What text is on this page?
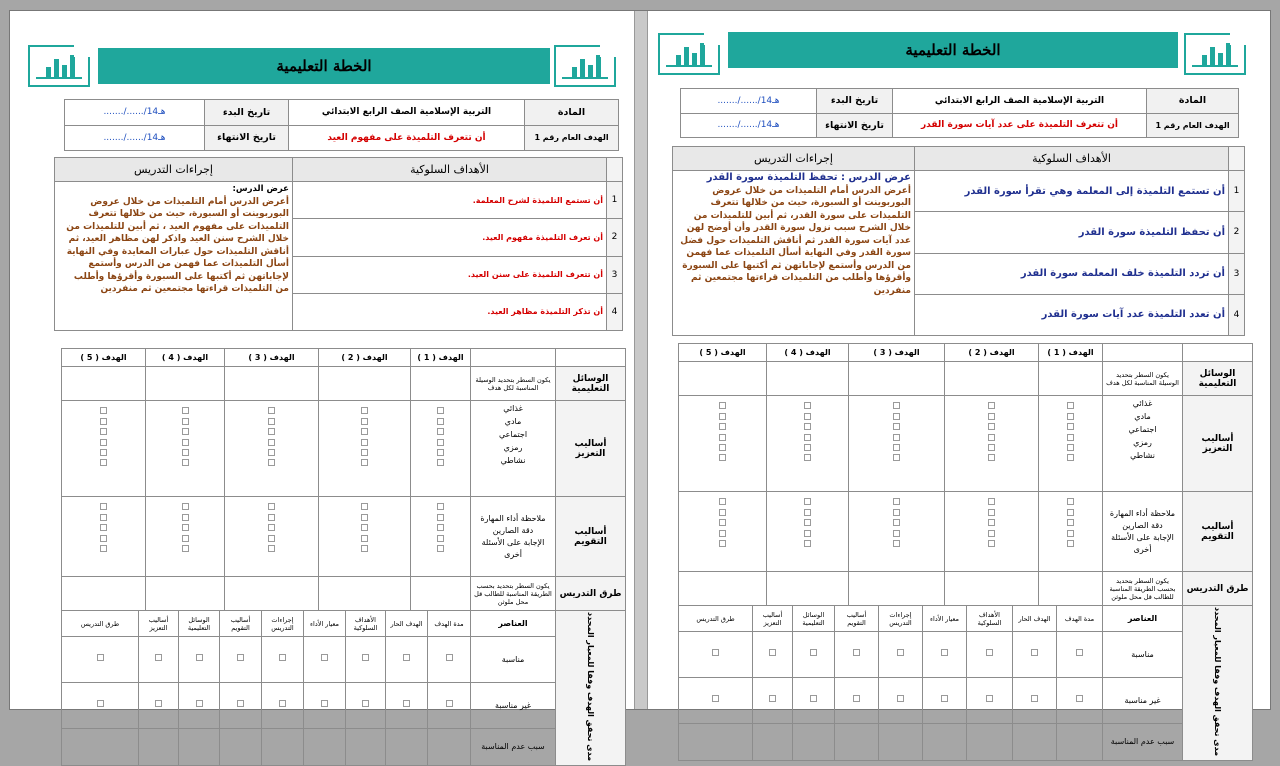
الخطة التعليمية
المادة	التربية الإسلامية الصف الرابع الابتدائي	تاريخ البدء	......./....../14هـ
الهدف العام رقم 1	أن تتعرف التلميذة على مفهوم العيد	تاريخ الانتهاء	......./....../14هـ
	الأهداف السلوكية	إجراءات التدريس
1	أن تستمع التلميذة لشرح المعلمة.	عرض الدرس:
أعرض الدرس أمام التلميذات من خلال عروض البوربوينت أو السبورة، حيث من خلالها تتعرف التلميذات على مفهوم العيد ، ثم أبين للتلميذات من خلال الشرح سنن العيد واذكر لهن مظاهر العيد، ثم أناقش التلميذات حول عبارات المعايدة وفي النهاية أسأل التلميذات عما فهمن من الدرس وأستمع لإجاباتهن ثم أكتبها على السبورة وأقرؤها وأطلب من التلميذات قراءتها مجتمعين ثم منفردين

2	أن تعرف التلميذة مفهوم العيد.	
3	أن تتعرف التلميذة على سنن العيد.	
4	أن تذكر التلميذة مظاهر العيد.	
		الهدف ( 1 )	الهدف ( 2 )	الهدف ( 3 )	الهدف ( 4 )	الهدف ( 5 )
الوسائل التعليمية	يكون السطر بتحديد الوسيلة المناسبة لكل هدف					
أساليب التعزيز	غذائي
مادي
اجتماعي
رمزي
نشاطي					

أساليب التقويم	ملاحظة أداء المهارة
دقة الصارين
الإجابة على الأسئلة
أخرى					

طرق التدريس	يكون السطر بتحديد بحسب الطريقة المناسبة للطالب قل محل ملوثن					
مدى تحقق الهدف وفقا للمعيار المحدد	العناصر	مدة الهدف	الهدف الحار	الأهداف السلوكية	معيار الأداء	إجراءات التدريس	أساليب التقويم	الوسائل التعليمية	أساليب التعزيز	طرق التدريس
	مناسبة									
	غير مناسبة									
	سبب عدم المناسبة									
الخطة التعليمية
المادة	التربية الإسلامية الصف الرابع الابتدائي	تاريخ البدء	......./....../14هـ
الهدف العام رقم 1	أن تتعرف التلميذة على عدد آيات سورة القدر	تاريخ الانتهاء	......./....../14هـ
	الأهداف السلوكية	إجراءات التدريس
1	أن تستمع التلميذة إلى المعلمة وهي تقرأ سورة القدر	عرض الدرس : تحفظ التلميذة سورة القدر
أعرض الدرس أمام التلميذات من خلال عروض البوربوينت أو السبورة، حيث من خلالها تتعرف التلميذات على سورة القدر، ثم أبين للتلميذات من خلال الشرح سبب نزول سورة القدر وأن أوضح لهن عدد آيات سورة القدر ثم أناقش التلميذات حول فضل سورة القدر وفي النهاية أسأل التلميذات عما فهمن من الدرس وأستمع لإجاباتهن ثم أكتبها على السبورة وأقرؤها وأطلب من التلميذات قراءتها مجتمعين ثم منفردين

2	أن تحفظ التلميذة سورة القدر	
3	أن تردد التلميذة خلف المعلمة سورة القدر	
4	أن تعدد التلميذة عدد آيات سورة القدر	
		الهدف ( 1 )	الهدف ( 2 )	الهدف ( 3 )	الهدف ( 4 )	الهدف ( 5 )
الوسائل التعليمية	يكون السطر بتحديد الوسيلة المناسبة لكل هدف					
أساليب التعزيز	غذائي
مادي
اجتماعي
رمزي
نشاطي					

أساليب التقويم	ملاحظة أداء المهارة
دقة الصارين
الإجابة على الأسئلة
أخرى					

طرق التدريس	يكون السطر بتحديد بحسب الطريقة المناسبة للطالب قل محل ملوثن					
مدى تحقق الهدف وفقا للمعيار المحدد	العناصر	مدة الهدف	الهدف الحار	الأهداف السلوكية	معيار الأداء	إجراءات التدريس	أساليب التقويم	الوسائل التعليمية	أساليب التعزيز	طرق التدريس
	مناسبة									
	غير مناسبة									
	سبب عدم المناسبة									
